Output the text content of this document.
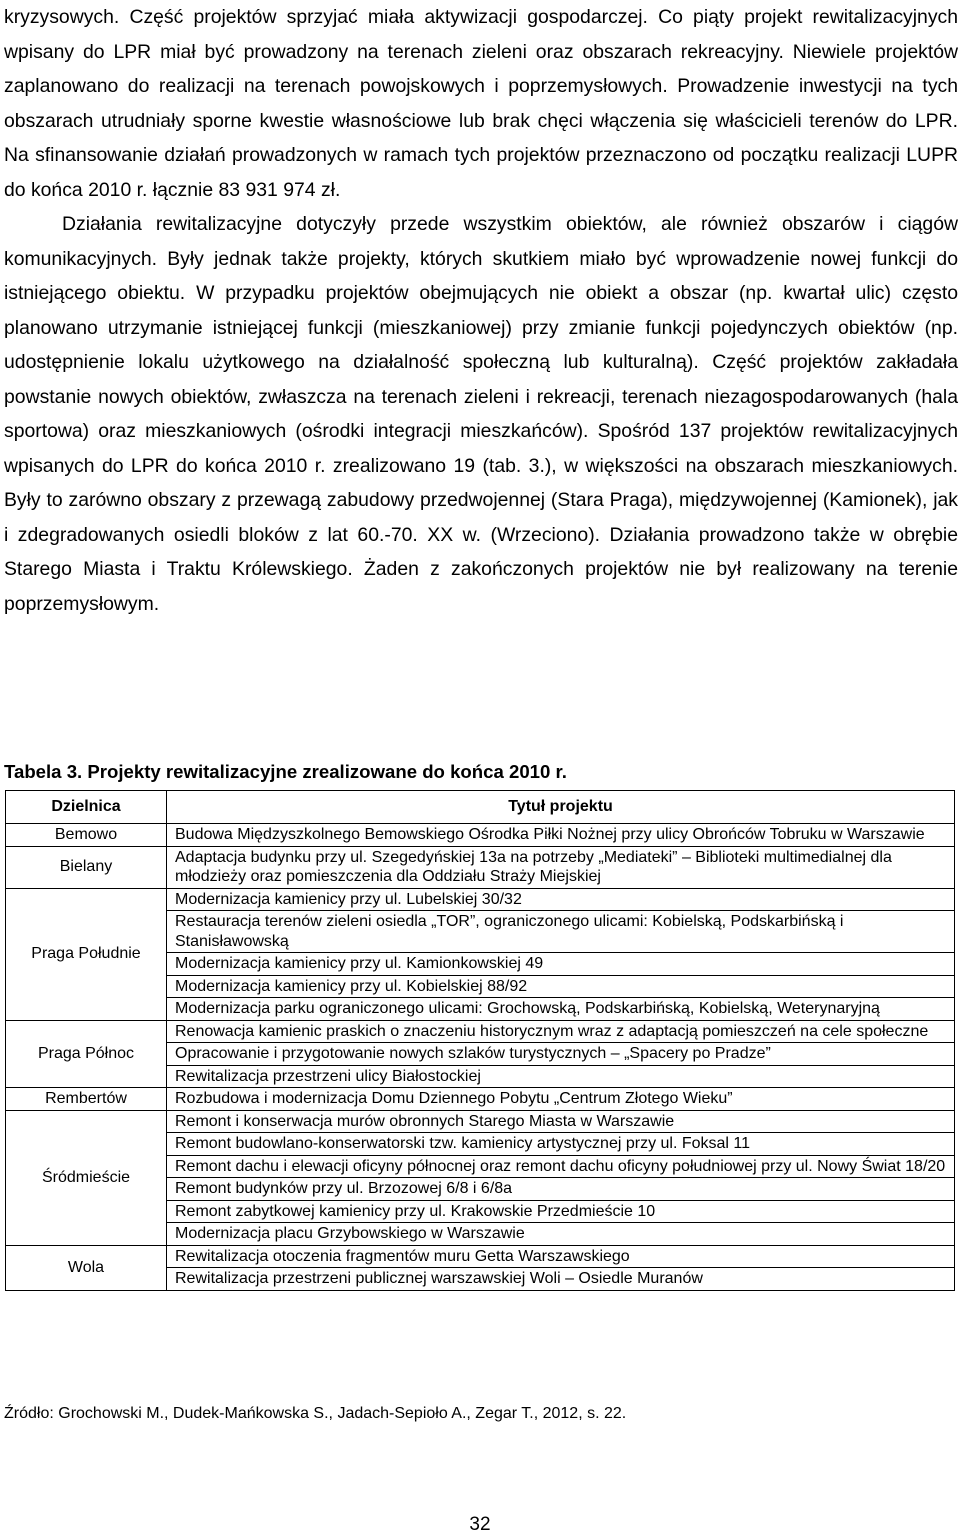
kryzysowych. Część projektów sprzyjać miała aktywizacji gospodarczej. Co piąty projekt rewitalizacyjnych wpisany do LPR miał być prowadzony na terenach zieleni oraz obszarach rekreacyjny. Niewiele projektów zaplanowano do realizacji na terenach powojskowych i poprzemysłowych. Prowadzenie inwestycji na tych obszarach utrudniały sporne kwestie własnościowe lub brak chęci włączenia się właścicieli terenów do LPR. Na sfinansowanie działań prowadzonych w ramach tych projektów przeznaczono od początku realizacji LUPR do końca 2010 r. łącznie 83 931 974 zł.

Działania rewitalizacyjne dotyczyły przede wszystkim obiektów, ale również obszarów i ciągów komunikacyjnych. Były jednak także projekty, których skutkiem miało być wprowadzenie nowej funkcji do istniejącego obiektu. W przypadku projektów obejmujących nie obiekt a obszar (np. kwartał ulic) często planowano utrzymanie istniejącej funkcji (mieszkaniowej) przy zmianie funkcji pojedynczych obiektów (np. udostępnienie lokalu użytkowego na działalność społeczną lub kulturalną). Część projektów zakładała powstanie nowych obiektów, zwłaszcza na terenach zieleni i rekreacji, terenach niezagospodarowanych (hala sportowa) oraz mieszkaniowych (ośrodki integracji mieszkańców). Spośród 137 projektów rewitalizacyjnych wpisanych do LPR do końca 2010 r. zrealizowano 19 (tab. 3.), w większości na obszarach mieszkaniowych. Były to zarówno obszary z przewagą zabudowy przedwojennej (Stara Praga), międzywojennej (Kamionek), jak i zdegradowanych osiedli bloków z lat 60.-70. XX w. (Wrzeciono). Działania prowadzono także w obrębie Starego Miasta i Traktu Królewskiego. Żaden z zakończonych projektów nie był realizowany na terenie poprzemysłowym.

Tabela 3. Projekty rewitalizacyjne zrealizowane do końca 2010 r.

Dzielnica	Tytuł projektu
Bemowo	Budowa Międzyszkolnego Bemowskiego Ośrodka Piłki Nożnej przy ulicy Obrońców Tobruku w Warszawie
Bielany	Adaptacja budynku przy ul. Szegedyńskiej 13a na potrzeby „Mediateki” – Biblioteki multimedialnej dla młodzieży oraz pomieszczenia dla Oddziału Straży Miejskiej
Praga Południe	Modernizacja kamienicy przy ul. Lubelskiej 30/32
	Restauracja terenów zieleni osiedla „TOR”, ograniczonego ulicami: Kobielską, Podskarbińską i Stanisławowską
	Modernizacja kamienicy przy ul. Kamionkowskiej 49
	Modernizacja kamienicy przy ul. Kobielskiej 88/92
	Modernizacja parku ograniczonego ulicami: Grochowską, Podskarbińską, Kobielską, Weterynaryjną
Praga Północ	Renowacja kamienic praskich o znaczeniu historycznym wraz z adaptacją pomieszczeń na cele społeczne
	Opracowanie i przygotowanie nowych szlaków turystycznych – „Spacery po Pradze”
	Rewitalizacja przestrzeni ulicy Białostockiej
Rembertów	Rozbudowa i modernizacja Domu Dziennego Pobytu „Centrum Złotego Wieku”
Śródmieście	Remont i konserwacja murów obronnych Starego Miasta w Warszawie
	Remont budowlano-konserwatorski tzw. kamienicy artystycznej przy ul. Foksal 11
	Remont dachu i elewacji oficyny północnej oraz remont dachu oficyny południowej przy ul. Nowy Świat 18/20
	Remont budynków przy ul. Brzozowej 6/8 i 6/8a
	Remont zabytkowej kamienicy przy ul. Krakowskie Przedmieście 10
	Modernizacja placu Grzybowskiego w Warszawie
Wola	Rewitalizacja otoczenia fragmentów muru Getta Warszawskiego
	Rewitalizacja przestrzeni publicznej warszawskiej Woli – Osiedle Muranów

Źródło: Grochowski M., Dudek-Mańkowska S., Jadach-Sepioło A., Zegar T., 2012, s. 22.

32
